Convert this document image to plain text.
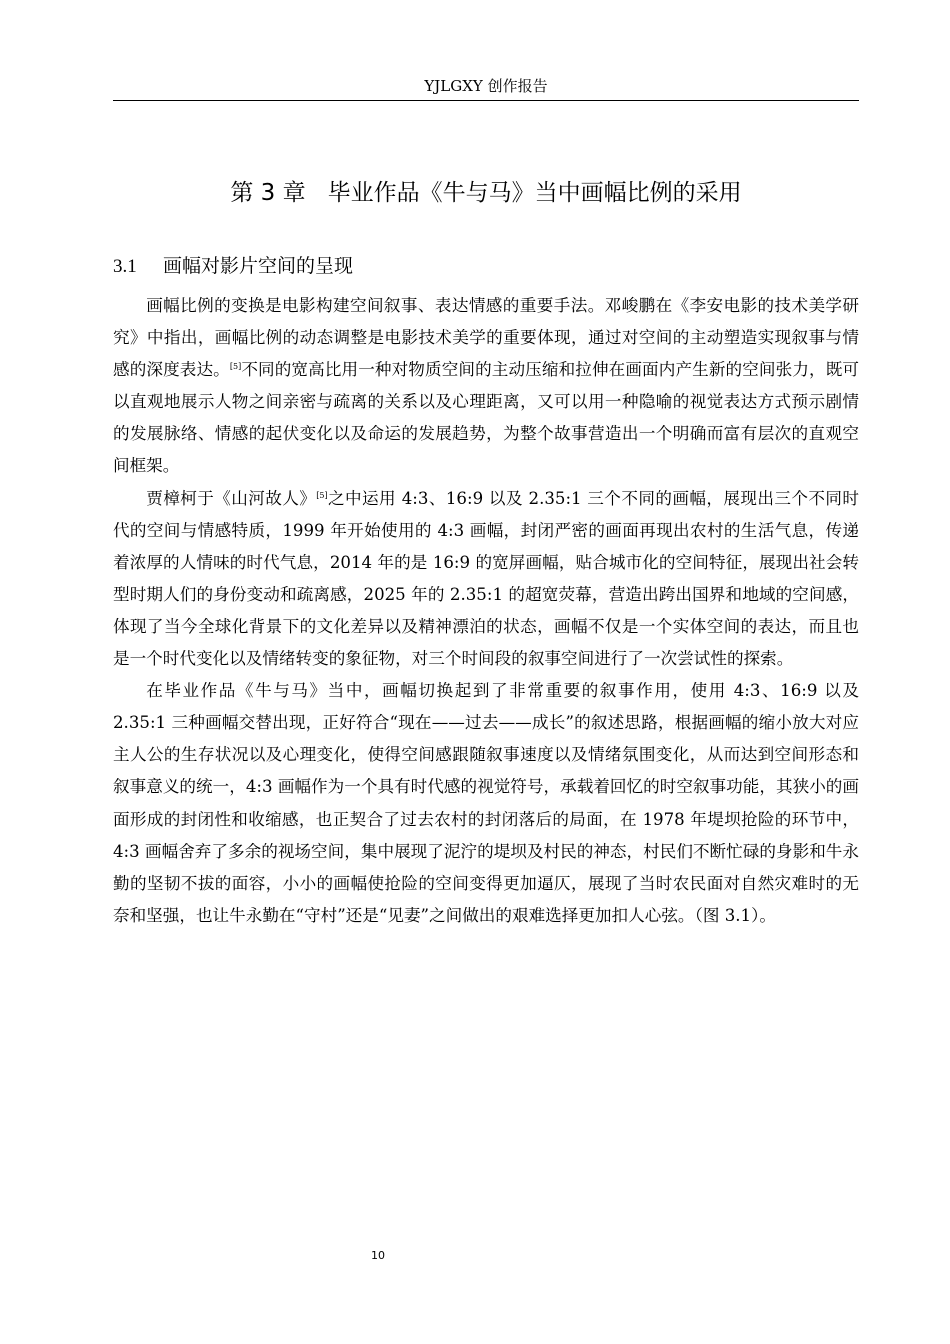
YJLGXY 创作报告
第 3 章 毕业作品《牛与马》当中画幅比例的采用
3.1 画幅对影片空间的呈现

画幅比例的变换是电影构建空间叙事、表达情感的重要手法。邓峻鹏在《李安电影的技术美学研究》中指出，画幅比例的动态调整是电影技术美学的重要体现，通过对空间的主动塑造实现叙事与情感的深度表达。[5]不同的宽高比用一种对物质空间的主动压缩和拉伸在画面内产生新的空间张力，既可以直观地展示人物之间亲密与疏离的关系以及心理距离，又可以用一种隐喻的视觉表达方式预示剧情的发展脉络、情感的起伏变化以及命运的发展趋势，为整个故事营造出一个明确而富有层次的直观空间框架。

贾樟柯于《山河故人》[5]之中运用 4:3、16:9 以及 2.35:1 三个不同的画幅，展现出三个不同时代的空间与情感特质，1999 年开始使用的 4:3 画幅，封闭严密的画面再现出农村的生活气息，传递着浓厚的人情味的时代气息，2014 年的是 16:9 的宽屏画幅，贴合城市化的空间特征，展现出社会转型时期人们的身份变动和疏离感，2025 年的 2.35:1 的超宽荧幕，营造出跨出国界和地域的空间感，体现了当今全球化背景下的文化差异以及精神漂泊的状态，画幅不仅是一个实体空间的表达，而且也是一个时代变化以及情绪转变的象征物，对三个时间段的叙事空间进行了一次尝试性的探索。

在毕业作品《牛与马》当中，画幅切换起到了非常重要的叙事作用，使用 4:3、16:9 以及 2.35:1 三种画幅交替出现，正好符合“现在——过去——成长”的叙述思路，根据画幅的缩小放大对应主人公的生存状况以及心理变化，使得空间感跟随叙事速度以及情绪氛围变化，从而达到空间形态和叙事意义的统一，4:3 画幅作为一个具有时代感的视觉符号，承载着回忆的时空叙事功能，其狭小的画面形成的封闭性和收缩感，也正契合了过去农村的封闭落后的局面，在 1978 年堤坝抢险的环节中，4:3 画幅舍弃了多余的视场空间，集中展现了泥泞的堤坝及村民的神态，村民们不断忙碌的身影和牛永勤的坚韧不拔的面容，小小的画幅使抢险的空间变得更加逼仄，展现了当时农民面对自然灾难时的无奈和坚强，也让牛永勤在“守村”还是“见妻”之间做出的艰难选择更加扣人心弦。（图 3.1）。

10
